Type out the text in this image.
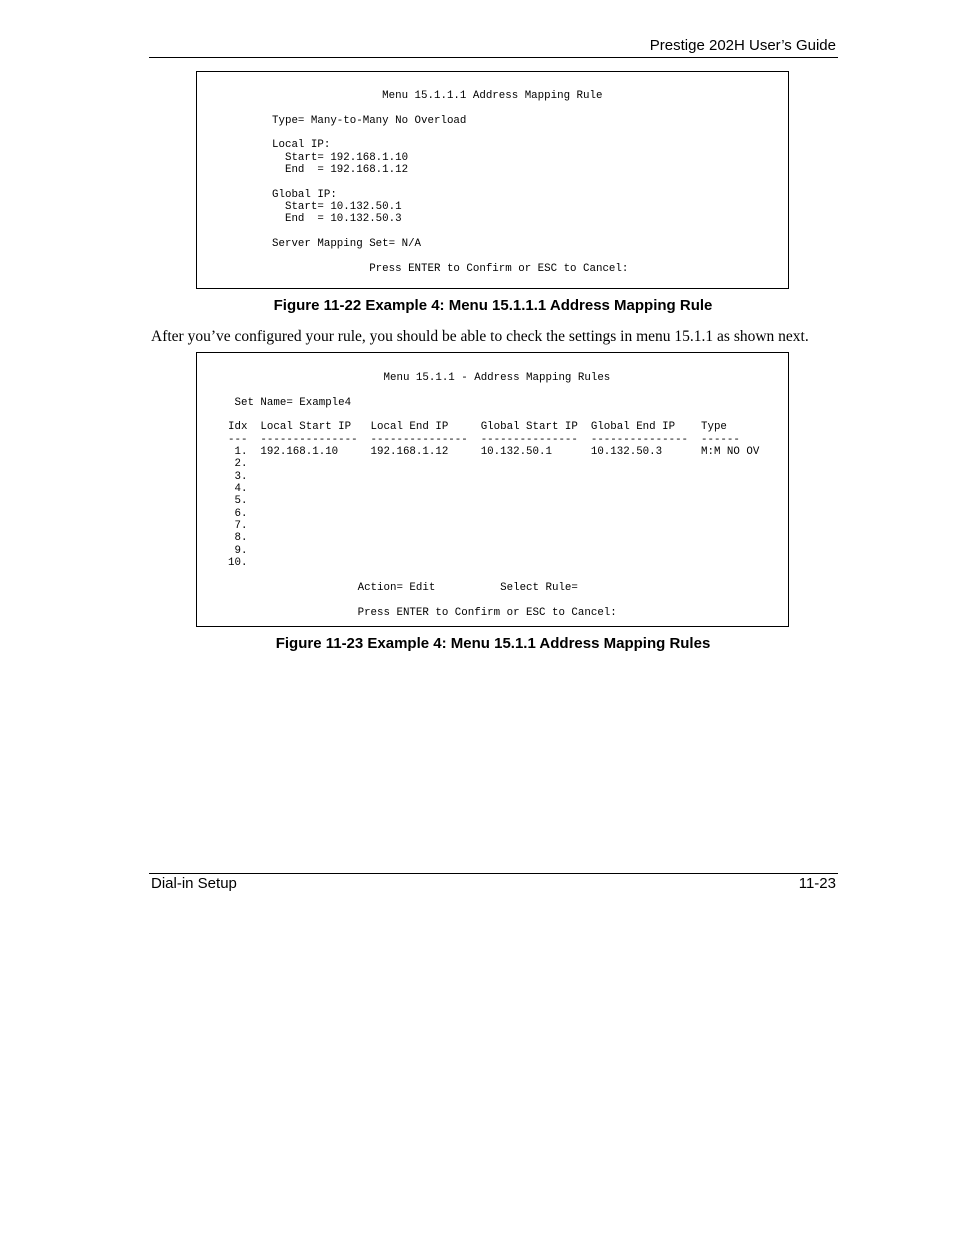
Prestige 202H User’s Guide
Menu 15.1.1.1 Address Mapping Rule
Type= Many-to-Many No Overload
Local IP:
Start= 192.168.1.10
End  = 192.168.1.12
Global IP:
Start= 10.132.50.1
End  = 10.132.50.3
Server Mapping Set= N/A
Press ENTER to Confirm or ESC to Cancel:
Figure 11-22 Example 4: Menu 15.1.1.1 Address Mapping Rule
After you’ve configured your rule, you should be able to check the settings in menu 15.1.1 as shown next.
Menu 15.1.1 - Address Mapping Rules
Set Name= Example4
Idx  Local Start IP   Local End IP     Global Start IP  Global End IP    Type
---  ---------------  ---------------  ---------------  ---------------  ------
1.  192.168.1.10     192.168.1.12     10.132.50.1      10.132.50.3      M:M NO OV
2.
3.
4.
5.
6.
7.
8.
9.
10.
Action= Edit          Select Rule=
Press ENTER to Confirm or ESC to Cancel:
Figure 11-23 Example 4: Menu 15.1.1 Address Mapping Rules
Dial-in Setup	11-23
